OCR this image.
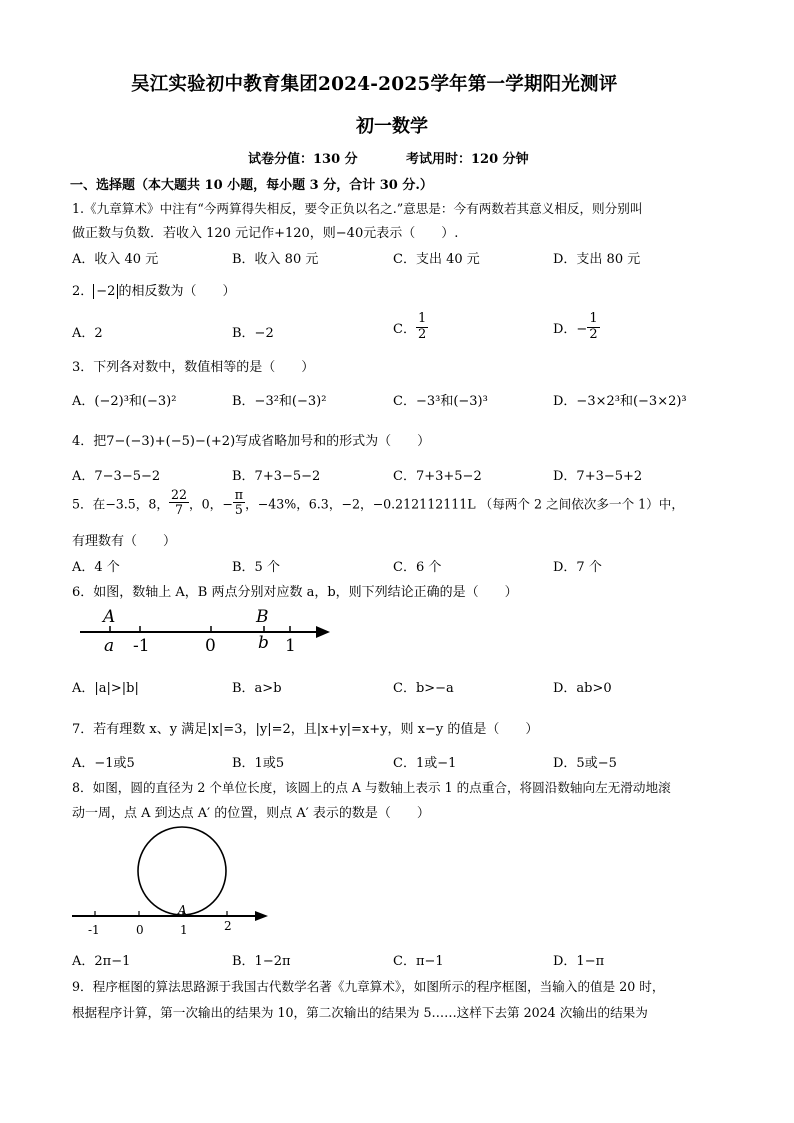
吴江实验初中教育集团2024-2025学年第一学期阳光测评
初一数学
试卷分值：130 分	考试用时：120 分钟
一、选择题（本大题共 10 小题，每小题 3 分，合计 30 分.）
1.《九章算术》中注有“今两算得失相反，要令正负以名之.”意思是：今有两数若其意义相反，则分别叫
做正数与负数．若收入 120 元记作+120，则−40元表示（　　）.
A．收入 40 元	B．收入 80 元	C．支出 40 元	D．支出 80 元
2． −2 的相反数为（　　）
A．2	B．−2	C． $\frac{1}{2}$	D．− $\frac{1}{2}$
3．下列各对数中，数值相等的是（　　）
A．(−2)³和(−3)²	B．−3²和(−3)²	C．−3³和(−3)³	D．−3×2³和(−3×2)³
4．把7−(−3)+(−5)−(+2)写成省略加号和的形式为（　　）
A．7−3−5−2	B．7+3−5−2	C．7+3+5−2	D．7+3−5+2
5．在−3.5，8， $\frac{22}{7}$ ，0，− $\frac{\pi}{5}$ ，−43%，6.3，−2，−0.212112111L （每两个 2 之间依次多一个 1）中，
有理数有（　　）
A．4 个	B．5 个	C．6 个	D．7 个
6．如图，数轴上 A，B 两点分别对应数 a，b，则下列结论正确的是（　　）
A	B
a -1	0 b 1
A．|a|>|b|	B．a>b	C．b>−a	D．ab>0
7．若有理数 x、y 满足|x|=3，|y|=2，且|x+y|=x+y，则 x−y 的值是（　　）
A．−1或5	B．1或5	C．1或−1	D．5或−5
8．如图，圆的直径为 2 个单位长度，该圆上的点 A 与数轴上表示 1 的点重合，将圆沿数轴向左无滑动地滚
动一周，点 A 到达点 A′ 的位置，则点 A′ 表示的数是（　　）
A
-1	0	1	2
A．2π−1	B．1−2π	C．π−1	D．1−π
9．程序框图的算法思路源于我国古代数学名著《九章算术》，如图所示的程序框图，当输入的值是 20 时，
根据程序计算，第一次输出的结果为 10，第二次输出的结果为 5……这样下去第 2024 次输出的结果为
